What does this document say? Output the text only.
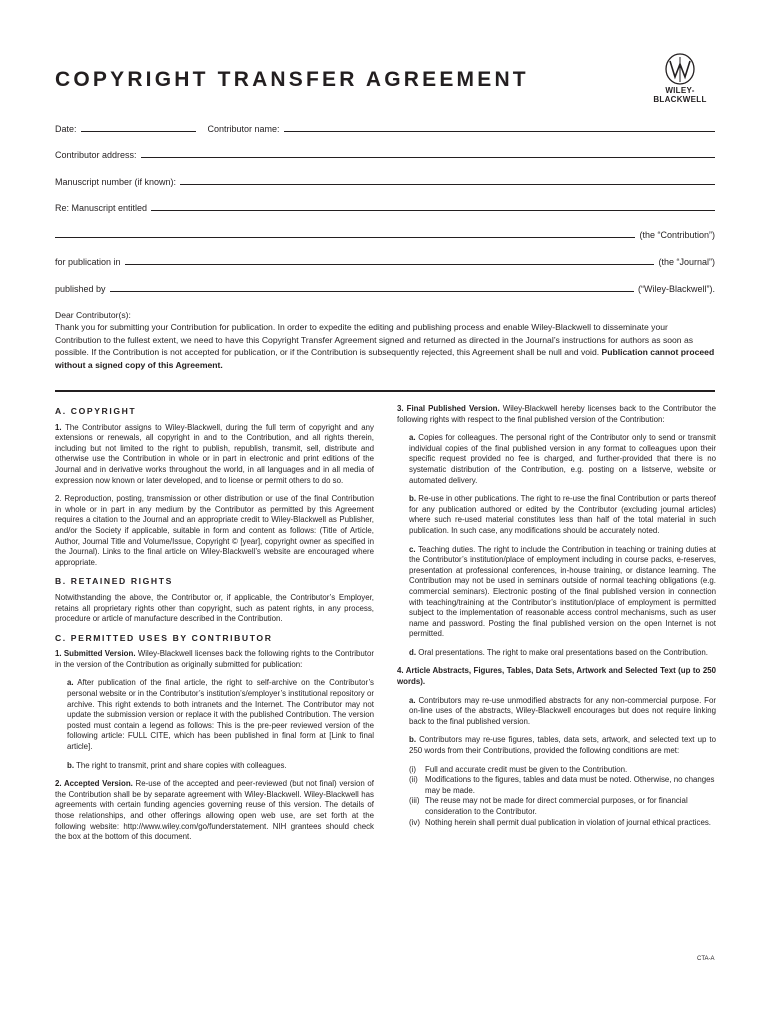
COPYRIGHT TRANSFER AGREEMENT	WILEY-
BLACKWELL
Date:	Contributor name:
Contributor address:
Manuscript number (if known):
Re: Manuscript entitled
(the “Contribution”)
for publication in	(the “Journal”)
published by	(“Wiley-Blackwell”).
Dear Contributor(s):
Thank you for submitting your Contribution for publication. In order to expedite the editing and publishing process and enable Wiley-Blackwell to disseminate your Contribution to the fullest extent, we need to have this Copyright Transfer Agreement signed and returned as directed in the Journal’s instructions for authors as soon as possible. If the Contribution is not accepted for publication, or if the Contribution is subsequently rejected, this Agreement shall be null and void. Publication cannot proceed without a signed copy of this Agreement.
A. COPYRIGHT

1. The Contributor assigns to Wiley-Blackwell, during the full term of copyright and any extensions or renewals, all copyright in and to the Contribution, and all rights therein, including but not limited to the right to publish, republish, transmit, sell, distribute and otherwise use the Contribution in whole or in part in electronic and print editions of the Journal and in derivative works throughout the world, in all languages and in all media of expression now known or later developed, and to license or permit others to do so.

2. Reproduction, posting, transmission or other distribution or use of the final Contribution in whole or in part in any medium by the Contributor as permitted by this Agreement requires a citation to the Journal and an appropriate credit to Wiley-Blackwell as Publisher, and/or the Society if applicable, suitable in form and content as follows: (Title of Article, Author, Journal Title and Volume/Issue, Copyright © [year], copyright owner as specified in the Journal). Links to the final article on Wiley-Blackwell’s website are encouraged where appropriate.

B. RETAINED RIGHTS

Notwithstanding the above, the Contributor or, if applicable, the Contributor’s Employer, retains all proprietary rights other than copyright, such as patent rights, in any process, procedure or article of manufacture described in the Contribution.

C. PERMITTED USES BY CONTRIBUTOR

1. Submitted Version. Wiley-Blackwell licenses back the following rights to the Contributor in the version of the Contribution as originally submitted for publication:

a. After publication of the final article, the right to self-archive on the Contributor’s personal website or in the Contributor’s institution’s/employer’s institutional repository or archive. This right extends to both intranets and the Internet. The Contributor may not update the submission version or replace it with the published Contribution. The version posted must contain a legend as follows: This is the pre-peer reviewed version of the following article: FULL CITE, which has been published in final form at [Link to final article].

b. The right to transmit, print and share copies with colleagues.

2. Accepted Version. Re-use of the accepted and peer-reviewed (but not final) version of the Contribution shall be by separate agreement with Wiley-Blackwell. Wiley-Blackwell has agreements with certain funding agencies governing reuse of this version. The details of those relationships, and other offerings allowing open web use, are set forth at the following website: http://www.wiley.com/go/funderstatement. NIH grantees should check the box at the bottom of this document.

3. Final Published Version. Wiley-Blackwell hereby licenses back to the Contributor the following rights with respect to the final published version of the Contribution:

a. Copies for colleagues. The personal right of the Contributor only to send or transmit individual copies of the final published version in any format to colleagues upon their specific request provided no fee is charged, and further-provided that there is no systematic distribution of the Contribution, e.g. posting on a listserve, website or automated delivery.

b. Re-use in other publications. The right to re-use the final Contribution or parts thereof for any publication authored or edited by the Contributor (excluding journal articles) where such re-used material constitutes less than half of the total material in such publication. In such case, any modifications should be accurately noted.

c. Teaching duties. The right to include the Contribution in teaching or training duties at the Contributor’s institution/place of employment including in course packs, e-reserves, presentation at professional conferences, in-house training, or distance learning. The Contribution may not be used in seminars outside of normal teaching obligations (e.g. commercial seminars). Electronic posting of the final published version in connection with teaching/training at the Contributor’s institution/place of employment is permitted subject to the implementation of reasonable access control mechanisms, such as user name and password. Posting the final published version on the open Internet is not permitted.

d. Oral presentations. The right to make oral presentations based on the Contribution.

4. Article Abstracts, Figures, Tables, Data Sets, Artwork and Selected Text (up to 250 words).

a. Contributors may re-use unmodified abstracts for any non-commercial purpose. For on-line uses of the abstracts, Wiley-Blackwell encourages but does not require linking back to the final published version.

b. Contributors may re-use figures, tables, data sets, artwork, and selected text up to 250 words from their Contributions, provided the following conditions are met:

(i)	Full and accurate credit must be given to the Contribution.
(ii) Modifications to the figures, tables and data must be noted. Otherwise, no changes may be made.
(iii) The reuse may not be made for direct commercial purposes, or for financial consideration to the Contributor.
(iv) Nothing herein shall permit dual publication in violation of journal ethical practices.
CTA-A
